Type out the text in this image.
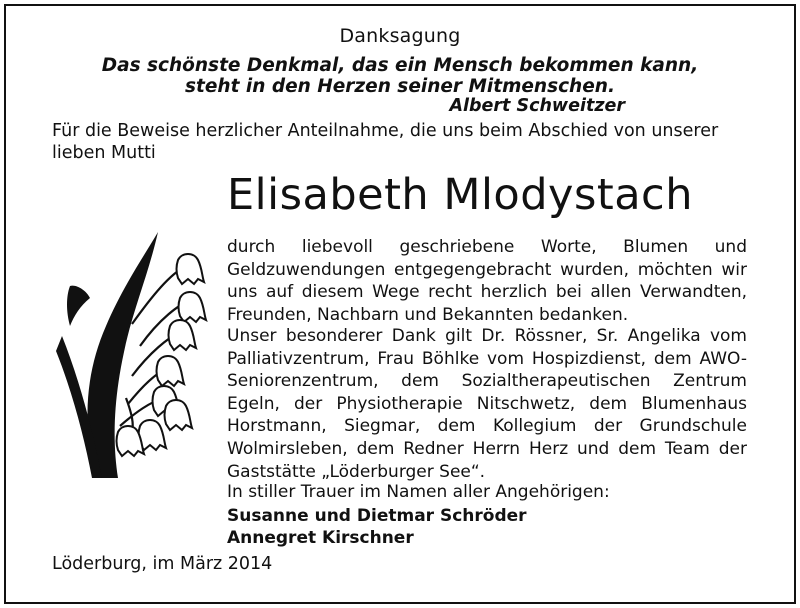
Danksagung
Das schönste Denkmal, das ein Mensch bekommen kann,
steht in den Herzen seiner Mitmenschen.
Albert Schweitzer
Für die Beweise herzlicher Anteilnahme, die uns beim Abschied von unserer lieben Mutti
Elisabeth Mlodystach
durch liebevoll geschriebene Worte, Blumen und Geldzuwendungen entgegengebracht wurden, möchten wir uns auf diesem Wege recht herzlich bei allen Verwandten, Freunden, Nachbarn und Bekannten bedanken.
Unser besonderer Dank gilt Dr. Rössner, Sr. Angelika vom Palliativzentrum, Frau Böhlke vom Hospizdienst, dem AWO-Seniorenzentrum, dem Sozialtherapeutischen Zentrum Egeln, der Physiotherapie Nitschwetz, dem Blumenhaus Horstmann, Siegmar, dem Kollegium der Grundschule Wolmirsleben, dem Redner Herrn Herz und dem Team der Gaststätte „Löderburger See“.
In stiller Trauer im Namen aller Angehörigen:
Susanne und Dietmar Schröder
Annegret Kirschner
Löderburg, im März 2014
